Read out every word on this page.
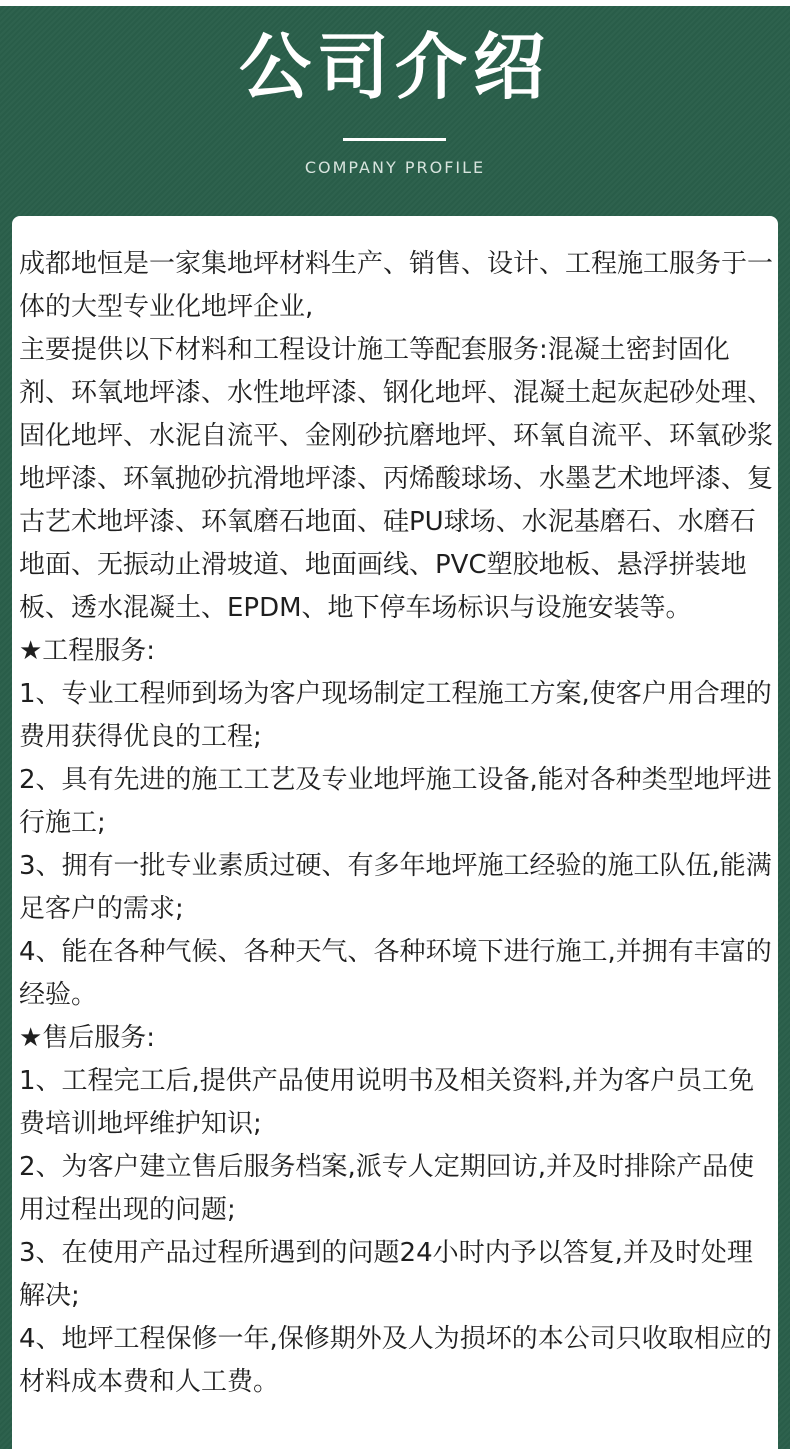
公司介绍
COMPANY PROFILE
成都地恒是一家集地坪材料生产、销售、设计、工程施工服务于一体的大型专业化地坪企业,
主要提供以下材料和工程设计施工等配套服务:混凝土密封固化剂、环氧地坪漆、水性地坪漆、钢化地坪、混凝土起灰起砂处理、固化地坪、水泥自流平、金刚砂抗磨地坪、环氧自流平、环氧砂浆地坪漆、环氧抛砂抗滑地坪漆、丙烯酸球场、水墨艺术地坪漆、复古艺术地坪漆、环氧磨石地面、硅PU球场、水泥基磨石、水磨石地面、无振动止滑坡道、地面画线、PVC塑胶地板、悬浮拼装地板、透水混凝土、EPDM、地下停车场标识与设施安装等。
★工程服务:
1、专业工程师到场为客户现场制定工程施工方案,使客户用合理的费用获得优良的工程;
2、具有先进的施工工艺及专业地坪施工设备,能对各种类型地坪进行施工;
3、拥有一批专业素质过硬、有多年地坪施工经验的施工队伍,能满足客户的需求;
4、能在各种气候、各种天气、各种环境下进行施工,并拥有丰富的经验。
★售后服务:
1、工程完工后,提供产品使用说明书及相关资料,并为客户员工免费培训地坪维护知识;
2、为客户建立售后服务档案,派专人定期回访,并及时排除产品使用过程出现的问题;
3、在使用产品过程所遇到的问题24小时内予以答复,并及时处理解决;
4、地坪工程保修一年,保修期外及人为损坏的本公司只收取相应的材料成本费和人工费。
